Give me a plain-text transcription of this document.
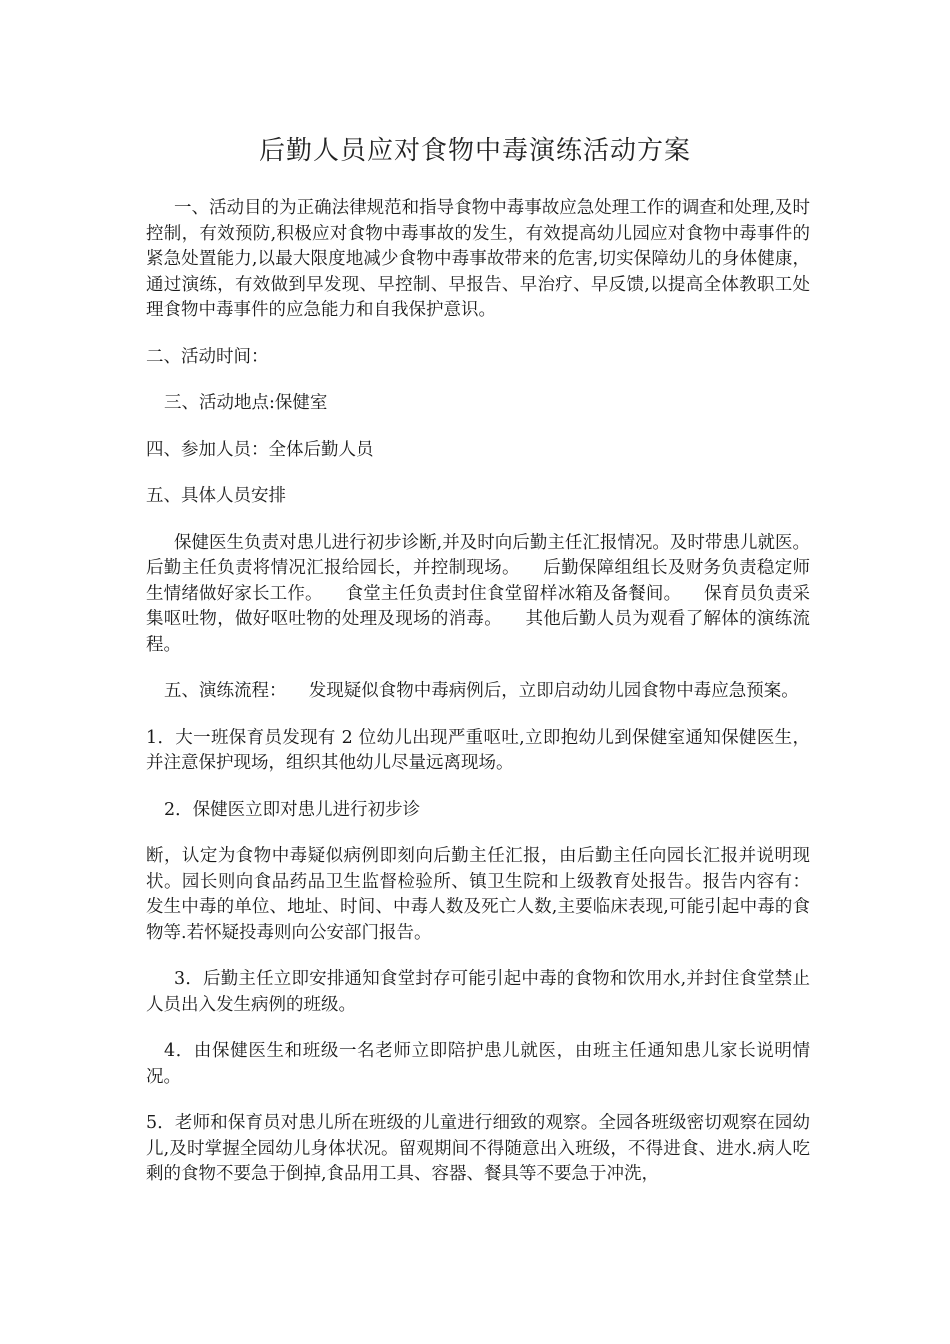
后勤人员应对食物中毒演练活动方案

一、活动目的为正确法律规范和指导食物中毒事故应急处理工作的调查和处理,及时控制，有效预防,积极应对食物中毒事故的发生，有效提高幼儿园应对食物中毒事件的紧急处置能力,以最大限度地减少食物中毒事故带来的危害,切实保障幼儿的身体健康，通过演练，有效做到早发现、早控制、早报告、早治疗、早反馈,以提高全体教职工处理食物中毒事件的应急能力和自我保护意识。

二、活动时间：

三、活动地点:保健室

四、参加人员：全体后勤人员

五、具体人员安排

保健医生负责对患儿进行初步诊断,并及时向后勤主任汇报情况。及时带患儿就医。后勤主任负责将情况汇报给园长，并控制现场。    后勤保障组组长及财务负责稳定师生情绪做好家长工作。    食堂主任负责封住食堂留样冰箱及备餐间。    保育员负责采集呕吐物，做好呕吐物的处理及现场的消毒。    其他后勤人员为观看了解体的演练流程。

五、演练流程：    发现疑似食物中毒病例后，立即启动幼儿园食物中毒应急预案。

1．大一班保育员发现有 2 位幼儿出现严重呕吐,立即抱幼儿到保健室通知保健医生，并注意保护现场，组织其他幼儿尽量远离现场。

2．保健医立即对患儿进行初步诊

断，认定为食物中毒疑似病例即刻向后勤主任汇报，由后勤主任向园长汇报并说明现状。园长则向食品药品卫生监督检验所、镇卫生院和上级教育处报告。报告内容有：发生中毒的单位、地址、时间、中毒人数及死亡人数,主要临床表现,可能引起中毒的食物等.若怀疑投毒则向公安部门报告。

3．后勤主任立即安排通知食堂封存可能引起中毒的食物和饮用水,并封住食堂禁止人员出入发生病例的班级。

4．由保健医生和班级一名老师立即陪护患儿就医，由班主任通知患儿家长说明情况。

5．老师和保育员对患儿所在班级的儿童进行细致的观察。全园各班级密切观察在园幼儿,及时掌握全园幼儿身体状况。留观期间不得随意出入班级，不得进食、进水.病人吃剩的食物不要急于倒掉,食品用工具、容器、餐具等不要急于冲洗，
